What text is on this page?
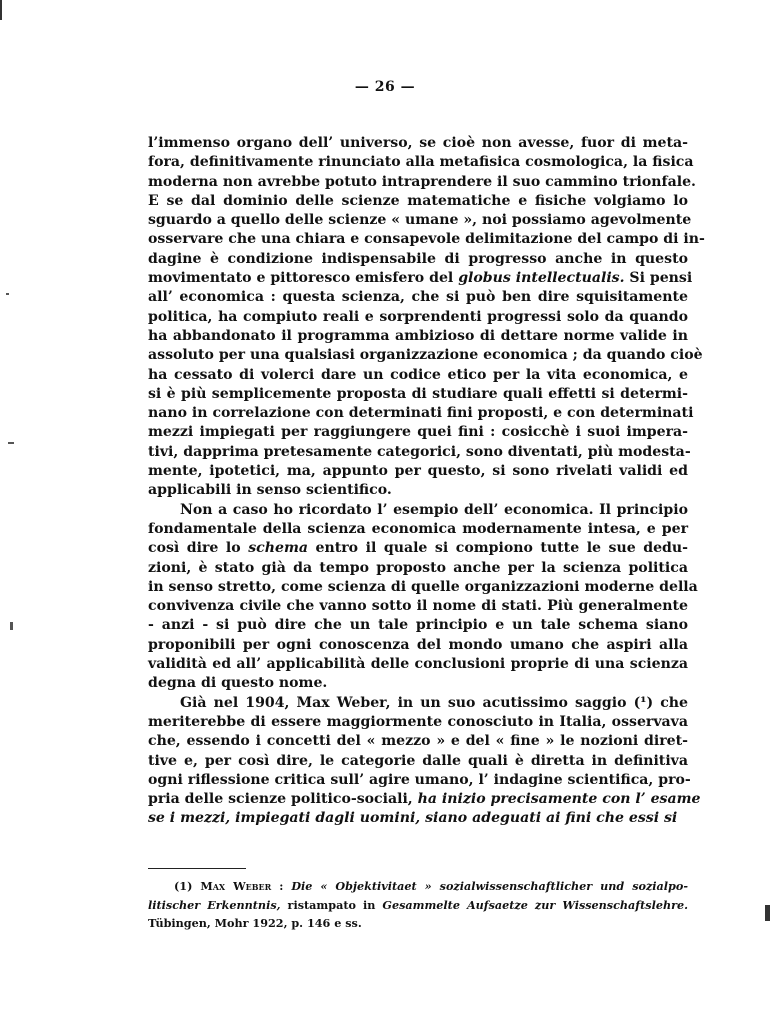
— 26 —
l’immenso organo dell’ universo, se cioè non avesse, fuor di meta-
fora, definitivamente rinunciato alla metafisica cosmologica, la fisica
moderna non avrebbe potuto intraprendere il suo cammino trionfale.
E se dal dominio delle scienze matematiche e fisiche volgiamo lo
sguardo a quello delle scienze « umane », noi possiamo agevolmente
osservare che una chiara e consapevole delimitazione del campo di in-
dagine è condizione indispensabile di progresso anche in questo
movimentato e pittoresco emisfero del globus intellectualis. Si pensi
all’ economica : questa scienza, che si può ben dire squisitamente
politica, ha compiuto reali e sorprendenti progressi solo da quando
ha abbandonato il programma ambizioso di dettare norme valide in
assoluto per una qualsiasi organizzazione economica ; da quando cioè
ha cessato di volerci dare un codice etico per la vita economica, e
si è più semplicemente proposta di studiare quali effetti si determi-
nano in correlazione con determinati fini proposti, e con determinati
mezzi impiegati per raggiungere quei fini : cosicchè i suoi impera-
tivi, dapprima pretesamente categorici, sono diventati, più modesta-
mente, ipotetici, ma, appunto per questo, si sono rivelati validi ed
applicabili in senso scientifico.
Non a caso ho ricordato l’ esempio dell’ economica. Il principio
fondamentale della scienza economica modernamente intesa, e per
così dire lo schema entro il quale si compiono tutte le sue dedu-
zioni, è stato già da tempo proposto anche per la scienza politica
in senso stretto, come scienza di quelle organizzazioni moderne della
convivenza civile che vanno sotto il nome di stati. Più generalmente
- anzi - si può dire che un tale principio e un tale schema siano
proponibili per ogni conoscenza del mondo umano che aspiri alla
validità ed all’ applicabilità delle conclusioni proprie di una scienza
degna di questo nome.
Già nel 1904, Max Weber, in un suo acutissimo saggio (¹) che
meriterebbe di essere maggiormente conosciuto in Italia, osservava
che, essendo i concetti del « mezzo » e del « fine » le nozioni diret-
tive e, per così dire, le categorie dalle quali è diretta in definitiva
ogni riflessione critica sull’ agire umano, l’ indagine scientifica, pro-
pria delle scienze politico-sociali, ha inizio precisamente con l’ esame
se i mezzi, impiegati dagli uomini, siano adeguati ai fini che essi si
(1) Max Weber : Die « Objektivitaet » sozialwissenschaftlicher und sozialpo-
litischer Erkenntnis, ristampato in Gesammelte Aufsaetze zur Wissenschaftslehre.
Tübingen, Mohr 1922, p. 146 e ss.
